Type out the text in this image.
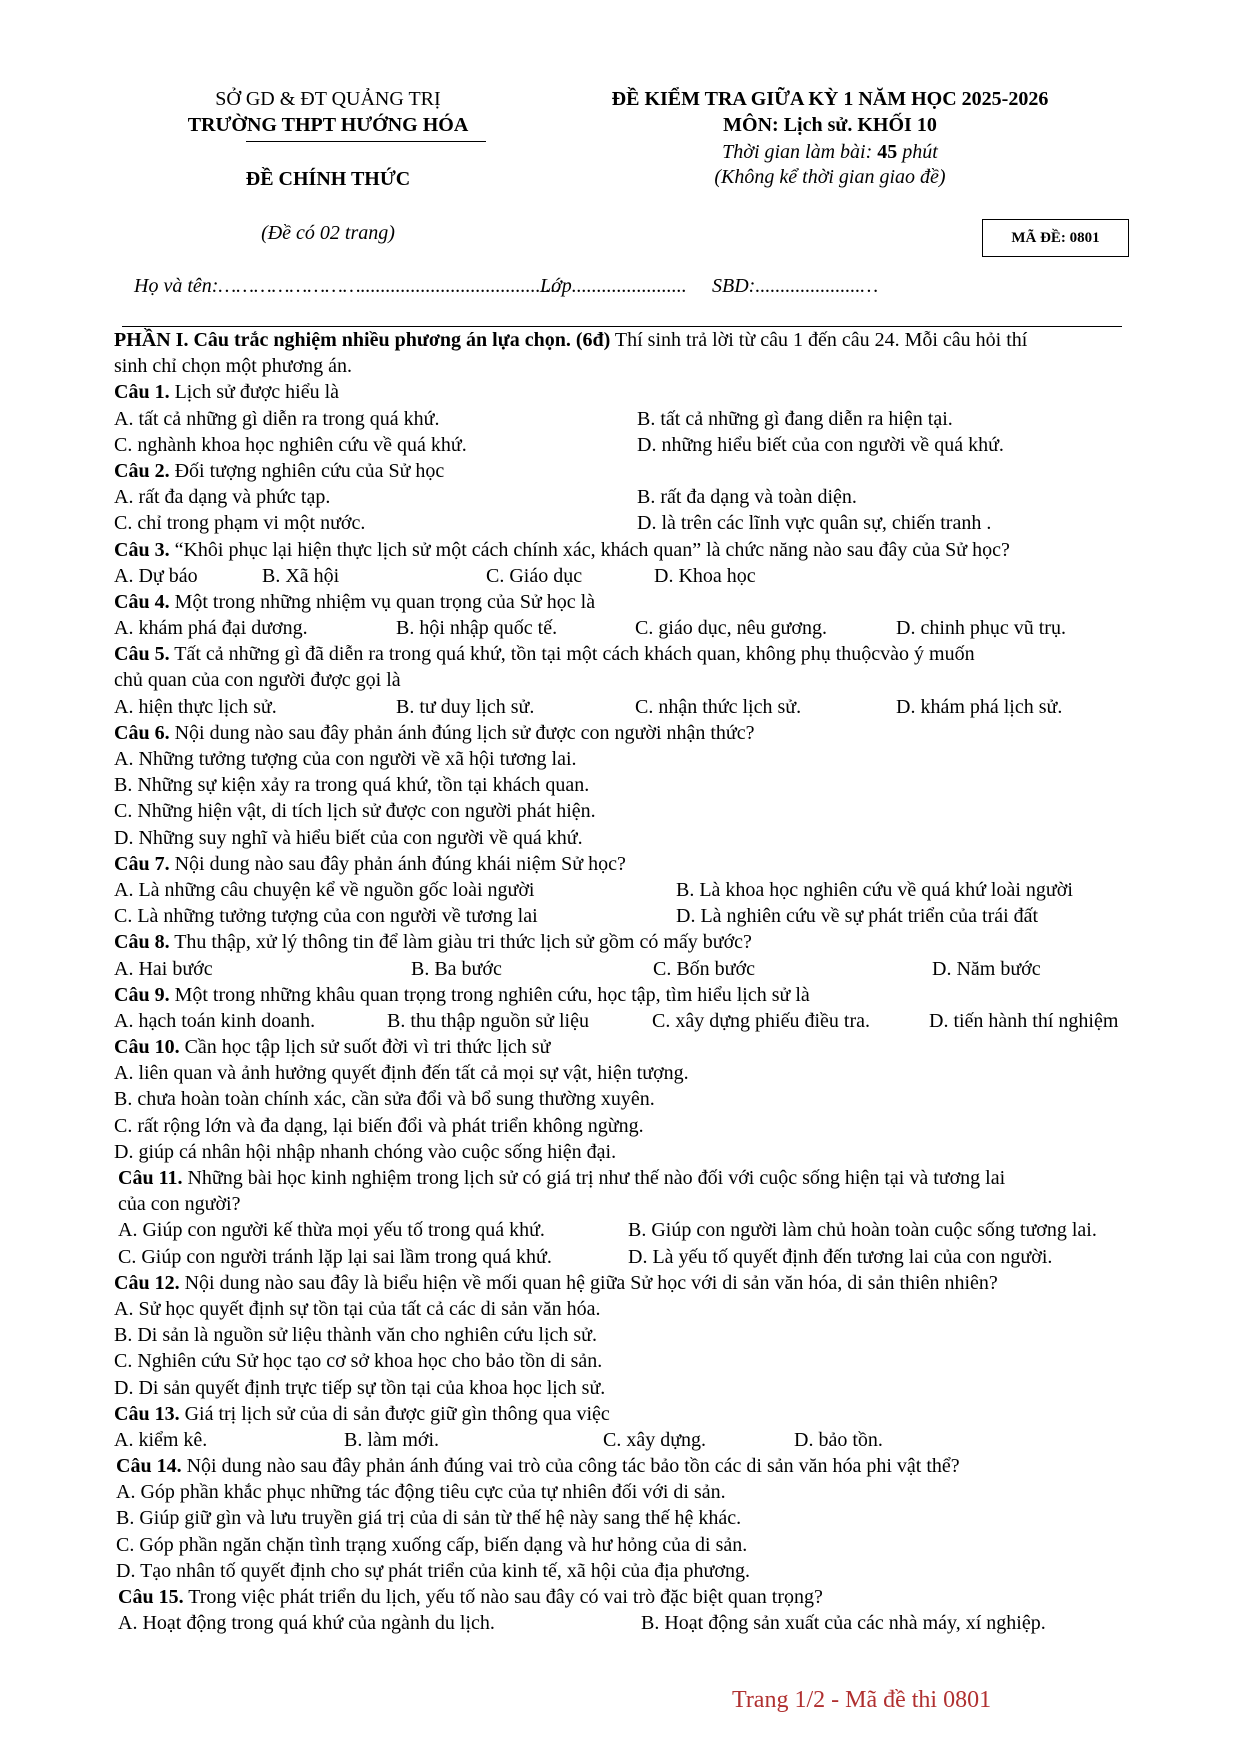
SỞ GD & ĐT QUẢNG TRỊ
TRƯỜNG THPT HƯỚNG HÓA
ĐỀ CHÍNH THỨC
(Đề có 02 trang)
ĐỀ KIỂM TRA GIỮA KỲ 1 NĂM HỌC 2025-2026
MÔN: Lịch sử. KHỐI 10
Thời gian làm bài: 45 phút
(Không kể thời gian giao đề)
MÃ ĐỀ: 0801
Họ và tên:……………………........................................
Lớp....................... SBD:.....................…
PHẦN I. Câu trắc nghiệm nhiều phương án lựa chọn. (6đ) Thí sinh trả lời từ câu 1 đến câu 24. Mỗi câu hỏi thí
sinh chỉ chọn một phương án.
Câu 1. Lịch sử được hiểu là
A. tất cả những gì diễn ra trong quá khứ.	B. tất cả những gì đang diễn ra hiện tại.
C. nghành khoa học nghiên cứu về quá khứ.	D. những hiểu biết của con người về quá khứ.
Câu 2. Đối tượng nghiên cứu của Sử học
A. rất đa dạng và phức tạp.	B. rất đa dạng và toàn diện.
C. chỉ trong phạm vi một nước.	D. là trên các lĩnh vực quân sự, chiến tranh .
Câu 3. “Khôi phục lại hiện thực lịch sử một cách chính xác, khách quan” là chức năng nào sau đây của Sử học?
A. Dự báo	B. Xã hội	C. Giáo dục	D. Khoa học
Câu 4. Một trong những nhiệm vụ quan trọng của Sử học là
A. khám phá đại dương.	B. hội nhập quốc tế.	C. giáo dục, nêu gương.	D. chinh phục vũ trụ.
Câu 5. Tất cả những gì đã diễn ra trong quá khứ, tồn tại một cách khách quan, không phụ thuộcvào ý muốn
chủ quan của con người được gọi là
A. hiện thực lịch sử.	B. tư duy lịch sử.	C. nhận thức lịch sử.	D. khám phá lịch sử.
Câu 6. Nội dung nào sau đây phản ánh đúng lịch sử được con người nhận thức?
A. Những tưởng tượng của con người về xã hội tương lai.
B. Những sự kiện xảy ra trong quá khứ, tồn tại khách quan.
C. Những hiện vật, di tích lịch sử được con người phát hiện.
D. Những suy nghĩ và hiểu biết của con người về quá khứ.
Câu 7. Nội dung nào sau đây phản ánh đúng khái niệm Sử học?
A. Là những câu chuyện kể về nguồn gốc loài người	B. Là khoa học nghiên cứu về quá khứ loài người
C. Là những tưởng tượng của con người về tương lai	D. Là nghiên cứu về sự phát triển của trái đất
Câu 8. Thu thập, xử lý thông tin để làm giàu tri thức lịch sử gồm có mấy bước?
A. Hai bước	B. Ba bước	C. Bốn bước	D. Năm bước
Câu 9. Một trong những khâu quan trọng trong nghiên cứu, học tập, tìm hiểu lịch sử là
A. hạch toán kinh doanh.	B. thu thập nguồn sử liệu	C. xây dựng phiếu điều tra.	D. tiến hành thí nghiệm
Câu 10. Cần học tập lịch sử suốt đời vì tri thức lịch sử
A. liên quan và ảnh hưởng quyết định đến tất cả mọi sự vật, hiện tượng.
B. chưa hoàn toàn chính xác, cần sửa đổi và bổ sung thường xuyên.
C. rất rộng lớn và đa dạng, lại biến đổi và phát triển không ngừng.
D. giúp cá nhân hội nhập nhanh chóng vào cuộc sống hiện đại.
Câu 11. Những bài học kinh nghiệm trong lịch sử có giá trị như thế nào đối với cuộc sống hiện tại và tương lai
của con người?
A. Giúp con người kế thừa mọi yếu tố trong quá khứ.	B. Giúp con người làm chủ hoàn toàn cuộc sống tương lai.
C. Giúp con người tránh lặp lại sai lầm trong quá khứ.	D. Là yếu tố quyết định đến tương lai của con người.
Câu 12. Nội dung nào sau đây là biểu hiện về mối quan hệ giữa Sử học với di sản văn hóa, di sản thiên nhiên?
A. Sử học quyết định sự tồn tại của tất cả các di sản văn hóa.
B. Di sản là nguồn sử liệu thành văn cho nghiên cứu lịch sử.
C. Nghiên cứu Sử học tạo cơ sở khoa học cho bảo tồn di sản.
D. Di sản quyết định trực tiếp sự tồn tại của khoa học lịch sử.
Câu 13. Giá trị lịch sử của di sản được giữ gìn thông qua việc
A. kiểm kê.	B. làm mới.	C. xây dựng.	D. bảo tồn.
Câu 14. Nội dung nào sau đây phản ánh đúng vai trò của công tác bảo tồn các di sản văn hóa phi vật thể?
A. Góp phần khắc phục những tác động tiêu cực của tự nhiên đối với di sản.
B. Giúp giữ gìn và lưu truyền giá trị của di sản từ thế hệ này sang thế hệ khác.
C. Góp phần ngăn chặn tình trạng xuống cấp, biến dạng và hư hỏng của di sản.
D. Tạo nhân tố quyết định cho sự phát triển của kinh tế, xã hội của địa phương.
Câu 15. Trong việc phát triển du lịch, yếu tố nào sau đây có vai trò đặc biệt quan trọng?
A. Hoạt động trong quá khứ của ngành du lịch.	B. Hoạt động sản xuất của các nhà máy, xí nghiệp.
Trang 1/2 - Mã đề thi 0801
